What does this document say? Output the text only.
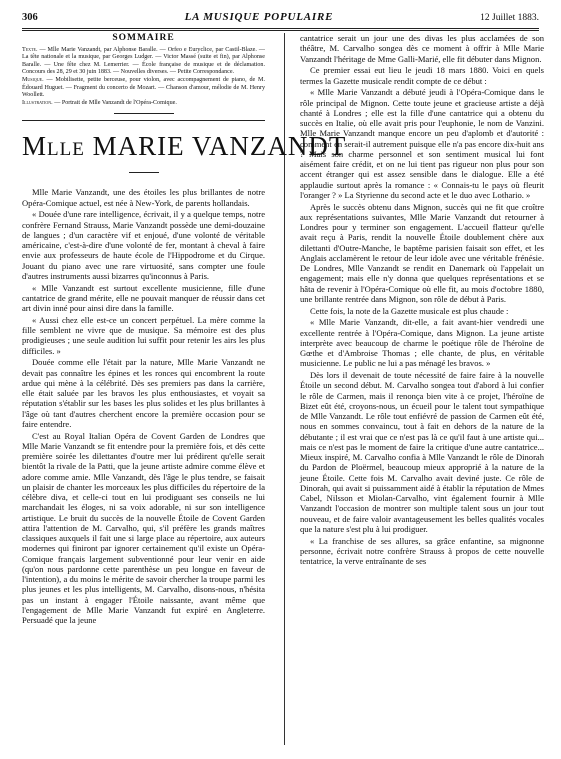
306	LA MUSIQUE POPULAIRE	12 Juillet 1883.
SOMMAIRE

Texte. — Mlle Marie Vanzandt, par Alphonse Baralle. — Orfeo e Euryclice, par Castil-Blaze. — La tête nationale et la musique, par Georges Ludger. — Victor Massé (suite et fin), par Alphonse Baralle. — Une fête chez M. Lemerrier. — École française de musique et de déclamation. Concours des 28, 29 et 30 juin 1883. — Nouvelles diverses. — Petite Correspondance.

Musique. — Mobilisette, petite berceuse, pour violon, avec accompagnement de piano, de M. Édouard Huguet. — Fragment du concerto de Mozart. — Chanson d'amour, mélodie de M. Henry Woollett.

Illustration. — Portrait de Mlle Vanzandt de l'Opéra-Comique.

Mlle MARIE VANZANDT

Mlle Marie Vanzandt, une des étoiles les plus brillantes de notre Opéra-Comique actuel, est née à New-York, de parents hollandais.

« Douée d'une rare intelligence, écrivait, il y a quelque temps, notre confrère Fernand Strauss, Marie Vanzandt possède une demi-douzaine de langues ; d'un caractère vif et enjoué, d'une volonté de véritable américaine, c'est-à-dire d'une volonté de fer, montant à cheval à faire envie aux professeurs de haute école de l'Hippodrome et du Cirque. Jouant du piano avec une rare virtuosité, sans compter une foule d'autres instruments aussi bizarres qu'inconnus à Paris.

« Mlle Vanzandt est surtout excellente musicienne, fille d'une cantatrice de grand mérite, elle ne pouvait manquer de réussir dans cet art divin inné pour ainsi dire dans la famille.

« Aussi chez elle est-ce un concert perpétuel. La mère comme la fille semblent ne vivre que de musique. Sa mémoire est des plus prodigieuses ; une seule audition lui suffit pour retenir les airs les plus difficiles. »

Douée comme elle l'était par la nature, Mlle Marie Vanzandt ne devait pas connaître les épines et les ronces qui encombrent la route ardue qui mène à la célébrité. Dès ses premiers pas dans la carrière, elle était saluée par les bravos les plus enthousiastes, et voyait sa réputation s'établir sur les bases les plus solides et les plus brillantes à l'âge où tant d'autres cherchent encore la première occasion pour se faire entendre.

C'est au Royal Italian Opéra de Covent Garden de Londres que Mlle Marie Vanzandt se fit entendre pour la première fois, et dès cette première soirée les dilettantes d'outre mer lui prédirent qu'elle serait bientôt la rivale de la Patti, que la jeune artiste admire comme élève et adore comme amie. Mlle Vanzandt, dès l'âge le plus tendre, se faisait un plaisir de chanter les morceaux les plus difficiles du répertoire de la célèbre diva, et celle-ci tout en lui prodiguant ses conseils ne lui marchandait les éloges, ni sa voix adorable, ni sur son intelligence artistique. Le bruit du succès de la nouvelle Étoile de Covent Garden attira l'attention de M. Carvalho, qui, s'il préfère les grands maîtres classiques auxquels il fait une si large place au répertoire, aux auteurs modernes qui finiront par ignorer certainement qu'il existe un Opéra-Comique français largement subventionné pour leur venir en aide (qu'on nous pardonne cette parenthèse un peu longue en faveur de l'intention), a du moins le mérite de savoir chercher la troupe parmi les plus jeunes et les plus intelligents, M. Carvalho, disons-nous, n'hésita pas un instant à engager l'Étoile naissante, avant même que l'engagement de Mlle Marie Vanzandt fut expiré en Angleterre. Persuadé que la jeune

cantatrice serait un jour une des divas les plus acclamées de son théâtre, M. Carvalho songea dès ce moment à offrir à Mlle Marie Vanzandt l'héritage de Mme Galli-Marié, elle fit débuter dans Mignon.

Ce premier essai eut lieu le jeudi 18 mars 1880. Voici en quels termes la Gazette musicale rendit compte de ce début :

« Mlle Marie Vanzandt a débuté jeudi à l'Opéra-Comique dans le rôle principal de Mignon. Cette toute jeune et gracieuse artiste a déjà chanté à Londres ; elle est la fille d'une cantatrice qui a obtenu du succès en Italie, où elle avait pris pour l'euphonie, le nom de Vanzini. Mlle Marie Vanzandt manque encore un peu d'aplomb et d'autorité : comment en serait-il autrement puisque elle n'a pas encore dix-huit ans ? Mais son charme personnel et son sentiment musical lui font aisément faire crédit, et on ne lui tient pas rigueur non plus pour son accent étranger qui est assez sensible dans le dialogue. Elle a été applaudie surtout après la romance : « Connais-tu le pays où fleurit l'oranger ? » La Styrienne du second acte et le duo avec Lothario. »

Après le succès obtenu dans Mignon, succès qui ne fit que croître aux représentations suivantes, Mlle Marie Vanzandt dut retourner à Londres pour y terminer son engagement. L'accueil flatteur qu'elle avait reçu à Paris, rendit la nouvelle Étoile doublement chère aux dilettanti d'Outre-Manche, le baptême parisien faisait son effet, et les Anglais acclamèrent le retour de leur idole avec une véritable frénésie. De Londres, Mlle Vanzandt se rendit en Danemark où l'appelait un engagement; mais elle n'y donna que quelques représentations et se hâta de revenir à l'Opéra-Comique où elle fit, au mois d'octobre 1880, une brillante rentrée dans Mignon, son rôle de début à Paris.

Cette fois, la note de la Gazette musicale est plus chaude :

« Mlle Marie Vanzandt, dit-elle, a fait avant-hier vendredi une excellente rentrée à l'Opéra-Comique, dans Mignon. La jeune artiste interprète avec beaucoup de charme le poétique rôle de l'héroïne de Gœthe et d'Ambroise Thomas ; elle chante, de plus, en véritable musicienne. Le public ne lui a pas ménagé les bravos. »

Dès lors il devenait de toute nécessité de faire faire à la nouvelle Étoile un second début. M. Carvalho songea tout d'abord à lui confier le rôle de Carmen, mais il renonça bien vite à ce projet, l'héroïne de Bizet eût été, croyons-nous, un écueil pour le talent tout sympathique de Mlle Vanzandt. Le rôle tout enfiévré de passion de Carmen eût été, nous en sommes convaincu, tout à fait en dehors de la nature de la débutante ; il est vrai que ce n'est pas là ce qu'il faut à une artiste qui... mais ce n'est pas le moment de faire la critique d'une autre cantatrice... Mieux inspiré, M. Carvalho confia à Mlle Vanzandt le rôle de Dinorah du Pardon de Ploërmel, beaucoup mieux approprié à la nature de la jeune Étoile. Cette fois M. Carvalho avait deviné juste. Ce rôle de Dinorah, qui avait si puissamment aidé à établir la réputation de Mmes Cabel, Nilsson et Miolan-Carvalho, vint également fournir à Mlle Vanzandt l'occasion de montrer son multiple talent sous un jour tout nouveau, et de faire valoir avantageusement les belles qualités vocales que la nature s'est plu à lui prodiguer.

« La franchise de ses allures, sa grâce enfantine, sa mignonne personne, écrivait notre confrère Strauss à propos de cette nouvelle tentatrice, la verve entraînante de ses
